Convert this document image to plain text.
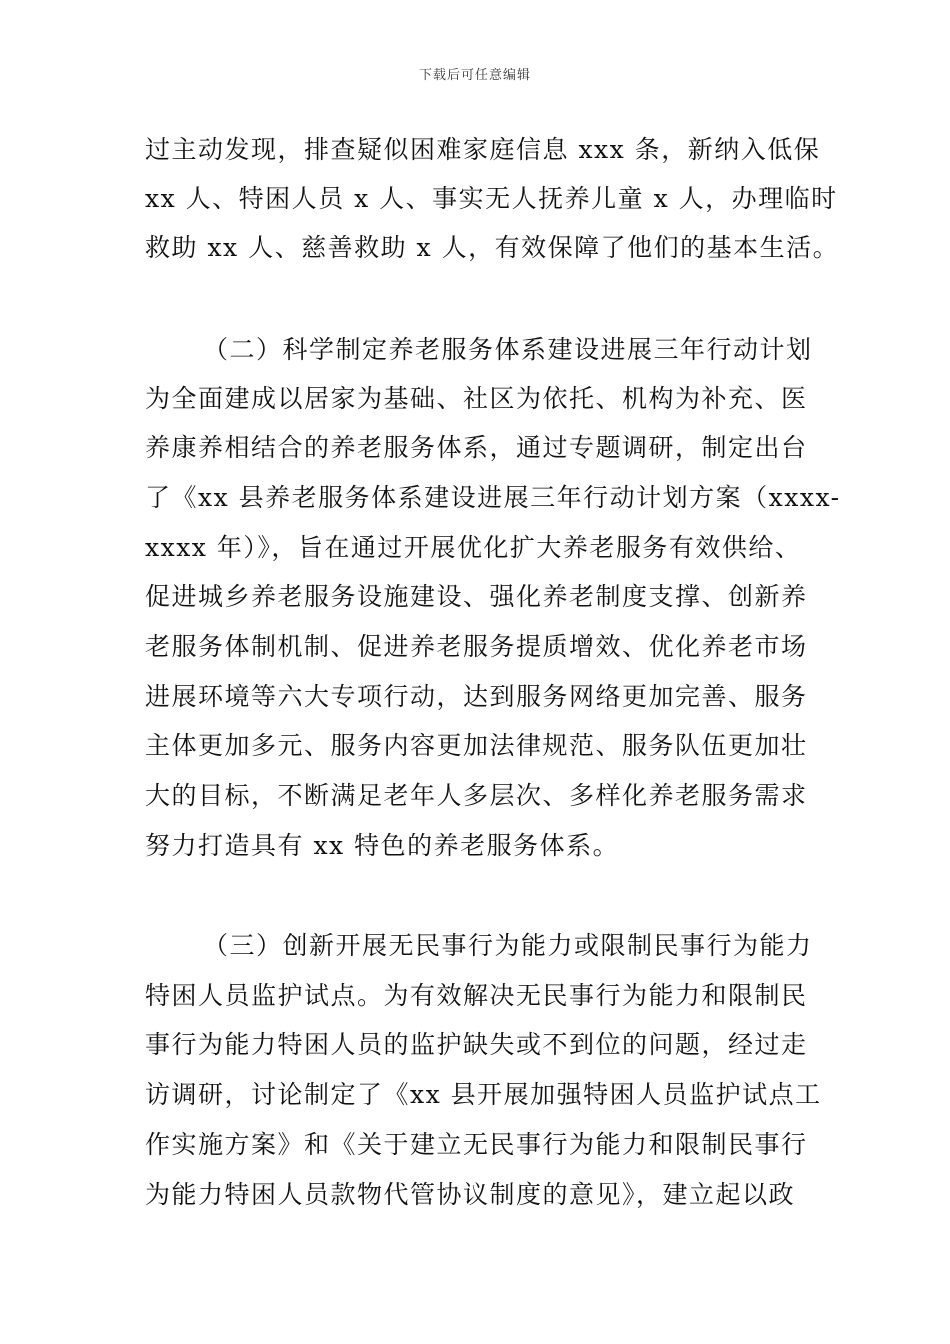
下载后可任意编辑
过主动发现，排查疑似困难家庭信息 xxx 条，新纳入低保
xx 人、特困人员 x 人、事实无人抚养儿童 x 人，办理临时
救助 xx 人、慈善救助 x 人，有效保障了他们的基本生活。
（二）科学制定养老服务体系建设进展三年行动计划
为全面建成以居家为基础、社区为依托、机构为补充、医
养康养相结合的养老服务体系，通过专题调研，制定出台
了《xx 县养老服务体系建设进展三年行动计划方案（xxxx-
xxxx 年）》，旨在通过开展优化扩大养老服务有效供给、
促进城乡养老服务设施建设、强化养老制度支撑、创新养
老服务体制机制、促进养老服务提质增效、优化养老市场
进展环境等六大专项行动，达到服务网络更加完善、服务
主体更加多元、服务内容更加法律规范、服务队伍更加壮
大的目标，不断满足老年人多层次、多样化养老服务需求
努力打造具有 xx 特色的养老服务体系。
（三）创新开展无民事行为能力或限制民事行为能力
特困人员监护试点。为有效解决无民事行为能力和限制民
事行为能力特困人员的监护缺失或不到位的问题，经过走
访调研，讨论制定了《xx 县开展加强特困人员监护试点工
作实施方案》和《关于建立无民事行为能力和限制民事行
为能力特困人员款物代管协议制度的意见》，建立起以政
